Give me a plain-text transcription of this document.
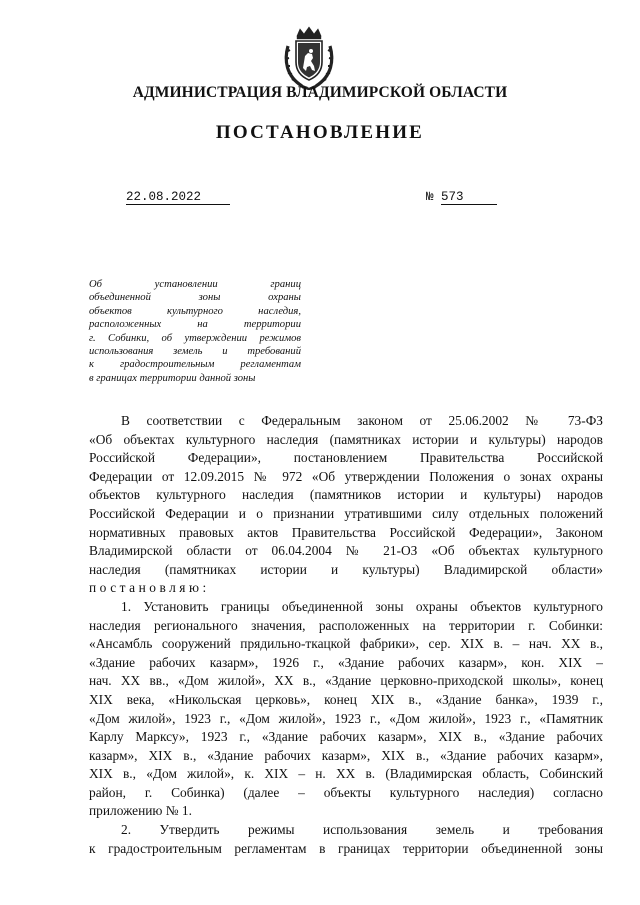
АДМИНИСТРАЦИЯ ВЛАДИМИРСКОЙ ОБЛАСТИ
ПОСТАНОВЛЕНИЕ
22.08.2022	№ 573
Об установлении границ
объединенной зоны охраны
объектов культурного наследия,
расположенных на территории
г. Собинки, об утверждении режимов
использования земель и требований
к градостроительным регламентам
в границах территории данной зоны
В соответствии с Федеральным законом от 25.06.2002 № 73-ФЗ
«Об объектах культурного наследия (памятниках истории и культуры) народов
Российской Федерации», постановлением Правительства Российской
Федерации от 12.09.2015 № 972 «Об утверждении Положения о зонах охраны
объектов культурного наследия (памятников истории и культуры) народов
Российской Федерации и о признании утратившими силу отдельных положений
нормативных правовых актов Правительства Российской Федерации», Законом
Владимирской области от 06.04.2004 № 21-ОЗ «Об объектах культурного
наследия (памятниках истории и культуры) Владимирской области»
постановляю:
1. Установить границы объединенной зоны охраны объектов культурного
наследия регионального значения, расположенных на территории г. Собинки:
«Ансамбль сооружений прядильно-ткацкой фабрики», сер. XIX в. – нач. XX в.,
«Здание рабочих казарм», 1926 г., «Здание рабочих казарм», кон. XIX –
нач. XX вв., «Дом жилой», XX в., «Здание церковно-приходской школы», конец
XIX века, «Никольская церковь», конец XIX в., «Здание банка», 1939 г.,
«Дом жилой», 1923 г., «Дом жилой», 1923 г., «Дом жилой», 1923 г., «Памятник
Карлу Марксу», 1923 г., «Здание рабочих казарм», XIX в., «Здание рабочих
казарм», XIX в., «Здание рабочих казарм», XIX в., «Здание рабочих казарм»,
XIX в., «Дом жилой», к. XIX – н. XX в. (Владимирская область, Собинский
район, г. Собинка) (далее – объекты культурного наследия) согласно
приложению № 1.
2. Утвердить режимы использования земель и требования
к градостроительным регламентам в границах территории объединенной зоны
